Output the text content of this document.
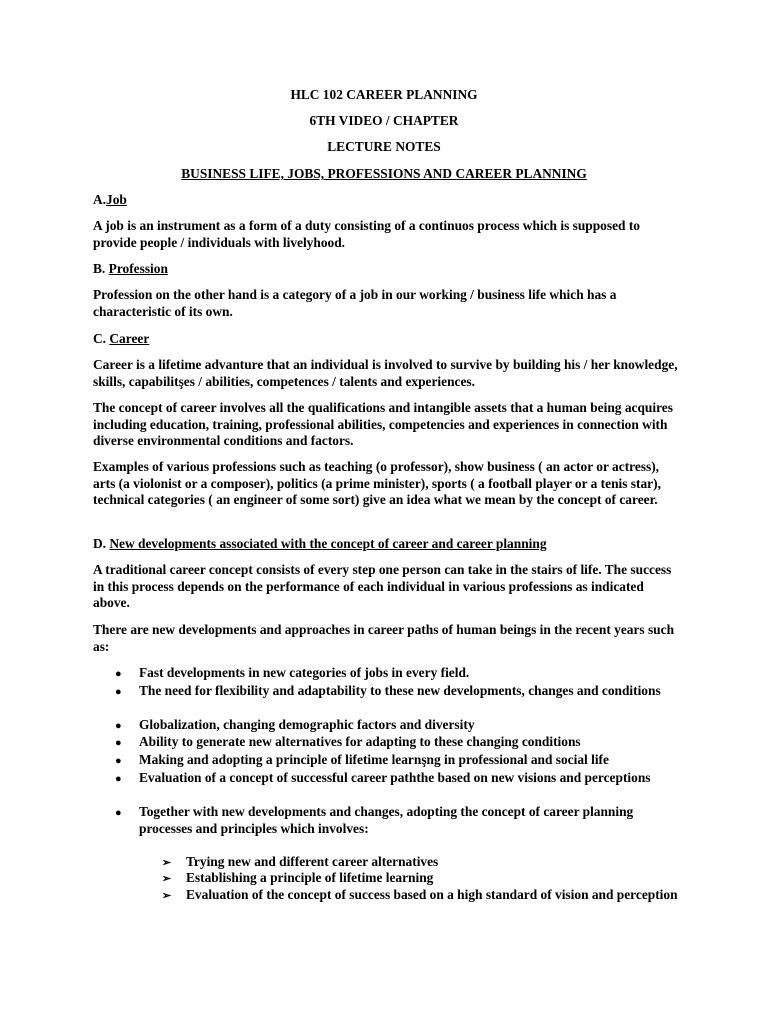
HLC 102 CAREER PLANNING
6TH VIDEO / CHAPTER
LECTURE NOTES
BUSINESS LIFE, JOBS, PROFESSIONS AND CAREER PLANNING
A.Job
A job is an instrument as a form of a duty consisting of a continuos process which is supposed to provide people / individuals with livelyhood.
B. Profession
Profession on the other hand is a category of a job in our working / business life which has a characteristic of its own.
C. Career
Career is a lifetime advanture that an individual is involved to survive by building his / her knowledge, skills, capabilitşes / abilities, competences / talents and experiences.
The concept of career involves all the qualifications and intangible assets that a human being acquires including education, training, professional abilities, competencies and experiences in connection with diverse environmental conditions and factors.
Examples of various professions such as teaching (o professor), show business ( an actor or actress), arts (a violonist or a composer), politics (a prime minister), sports ( a football player or a tenis star), technical categories ( an engineer of some sort) give an idea what we mean by the concept of career.
D. New developments associated with the concept of career and career planning
A traditional career concept consists of every step one person can take in the stairs of life. The success in this process depends on the performance of each individual in various professions as indicated above.
There are new developments and approaches in career paths of human beings in the recent years such as:
●	Fast developments in new categories of jobs in every field.
●	The need for flexibility and adaptability to these new developments, changes and conditions
●	Globalization, changing demographic factors and diversity
●	Ability to generate new alternatives for adapting to these changing conditions
●	Making and adopting a principle of lifetime learnşng in professional and social life
●	Evaluation of a concept of successful career paththe based on new visions and perceptions
●	Together with new developments and changes, adopting the concept of career planning processes and principles which involves:
➢	Trying new and different career alternatives
➢	Establishing a principle of lifetime learning
➢	Evaluation of the concept of success based on a high standard of vision and perception
